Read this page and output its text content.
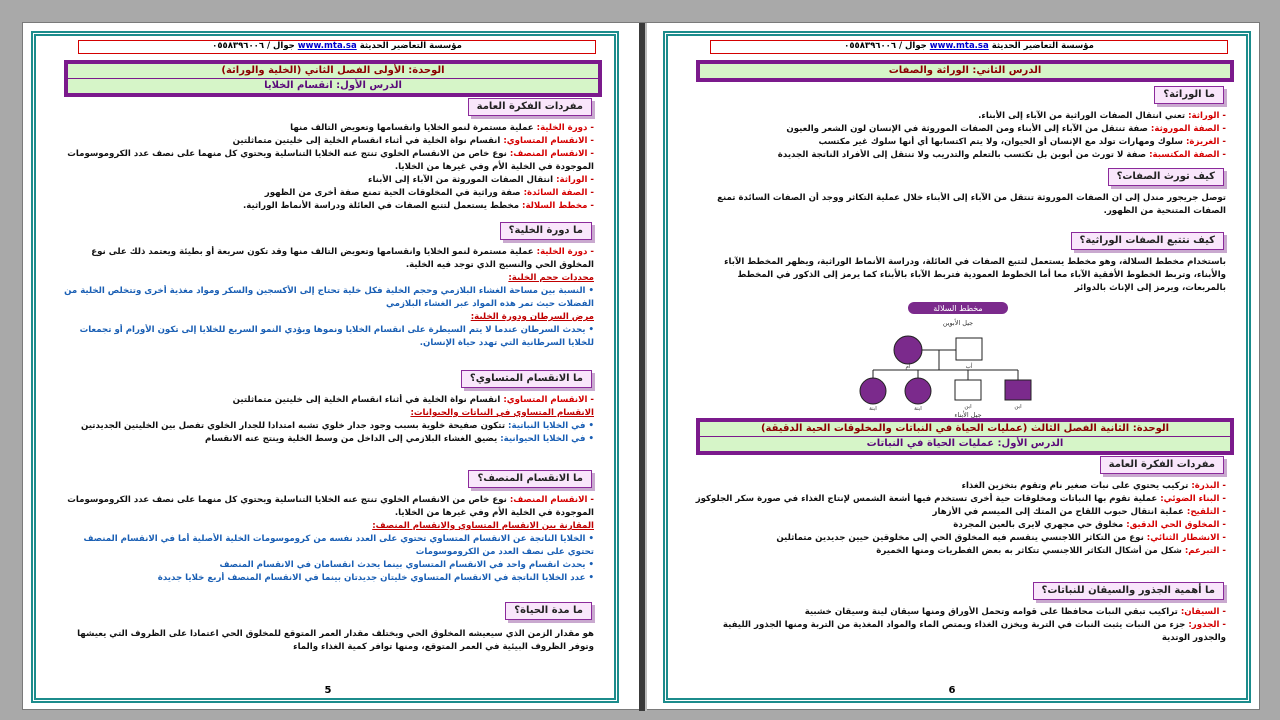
مؤسسة التعاضير الحديثة www.mta.sa جوال / ٠٥٥٨٣٩٦٠٠٦
الوحدة: الأولى الفصل الثاني (الخلية والوراثة)
الدرس الأول: انقسام الخلايا
مفردات الفكرة العامة
- دورة الخلية: عملية مستمرة لنمو الخلايا وانقسامها وتعويض التالف منها
- الانقسام المتساوي: انقسام نواة الخلية في أثناء انقسام الخلية إلى خليتين متماثلتين
- الانقسام المنصف: نوع خاص من الانقسام الخلوي تنتج عنه الخلايا التناسلية ويحتوي كل منهما على نصف عدد الكروموسومات الموجودة في الخلية الأم وفي غيرها من الخلايا.
- الوراثة: انتقال الصفات الموروثة من الآباء إلى الأبناء
- الصفة السائدة: صفة وراثية في المخلوقات الحية تمنع صفة أخرى من الظهور
- مخطط السلالة: مخطط يستعمل لتتبع الصفات في العائلة ودراسة الأنماط الوراثية.
ما دورة الخلية؟
- دورة الخلية: عملية مستمرة لنمو الخلايا وانقسامها وتعويض التالف منها وقد تكون سريعة أو بطيئة ويعتمد ذلك على نوع المخلوق الحي والنسيج الذي توجد فيه الخلية.
محددات حجم الخلية:
• النسبة بين مساحة الغشاء البلازمي وحجم الخلية فكل خلية تحتاج إلى الأكسجين والسكر ومواد مغذية أخرى وتتخلص الخلية من الفضلات حيث تمر هذه المواد عبر الغشاء البلازمي
مرض السرطان ودورة الخلية:
• يحدث السرطان عندما لا يتم السيطرة على انقسام الخلايا ونموها ويؤدي النمو السريع للخلايا إلى تكون الأورام أو تجمعات للخلايا السرطانية التي تهدد حياة الإنسان.
ما الانقسام المتساوي؟
- الانقسام المتساوي: انقسام نواة الخلية في أثناء انقسام الخلية إلى خليتين متماثلتين
الانقسام المتساوي في النباتات والحيوانات:
• في الخلايا النباتية: تتكون صفيحة خلوية بسبب وجود جدار خلوي تشبه امتدادا للجدار الخلوي تفصل بين الخليتين الجديدتين
• في الخلايا الحيوانية: يضيق الغشاء البلازمي إلى الداخل من وسط الخلية وينتج عنه الانقسام
ما الانقسام المنصف؟
- الانقسام المنصف: نوع خاص من الانقسام الخلوي تنتج عنه الخلايا التناسلية ويحتوي كل منهما على نصف عدد الكروموسومات الموجودة في الخلية الأم وفي غيرها من الخلايا.
المقارنة بين الانقسام المتساوي والانقسام المنصف:
• الخلايا الناتجة عن الانقسام المتساوي تحتوي على العدد نفسه من كروموسومات الخلية الأصلية أما في الانقسام المنصف تحتوي على نصف العدد من الكروموسومات
• يحدث انقسام واحد في الانقسام المتساوي بينما يحدث انقسامان في الانقسام المنصف
• عدد الخلايا الناتجة في الانقسام المتساوي خليتان جديدتان بينما في الانقسام المنصف أربع خلايا جديدة
ما مدة الحياة؟
هو مقدار الزمن الذي سيعيشه المخلوق الحي ويختلف مقدار العمر المتوقع للمخلوق الحي اعتمادا على الظروف التي يعيشها وتوفر الظروف البيئية في العمر المتوقع، ومنها توافر كمية الغذاء والماء
5
مؤسسة التعاضير الحديثة www.mta.sa جوال / ٠٥٥٨٣٩٦٠٠٦
الدرس الثاني: الوراثة والصفات
ما الوراثة؟
- الوراثة: تعني انتقال الصفات الوراثية من الآباء إلى الأبناء.
- الصفة الموروثة: صفة تنتقل من الآباء إلى الأبناء ومن الصفات الموروثة في الإنسان لون الشعر والعيون
- الغريزة: سلوك ومهارات تولد مع الإنسان أو الحيوان، ولا يتم اكتسابها أي أنها سلوك غير مكتسب
- الصفة المكتسبة: صفة لا تورث من أبوين بل تكتسب بالتعلم والتدريب ولا تنتقل إلى الأفراد الناتجة الجديدة
كيف تورث الصفات؟
توصل جريجور مندل إلى ان الصفات الموروثة تنتقل من الآباء إلى الأبناء خلال عملية التكاثر ووجد أن الصفات السائدة تمنع الصفات المتنحية من الظهور.
كيف نتتبع الصفات الوراثية؟
باستخدام مخطط السلالة، وهو مخطط يستعمل لتتبع الصفات في العائلة، ودراسة الأنماط الوراثية، ويظهر المخطط الآباء والأبناء، وتربط الخطوط الأفقية الآباء معا أما الخطوط العمودية فتربط الآباء بالأبناء كما يرمز إلى الذكور في المخطط بالمربعات، ويرمز إلى الإناث بالدوائر
مخطط السلالة
جيل الأبوين
أم	أب
ابنة	ابنة	ابن	ابن
جيل الأبناء
الوحدة: الثانية الفصل الثالث (عمليات الحياة في النباتات والمخلوقات الحية الدقيقة)
الدرس الأول: عمليات الحياة في النباتات
مفردات الفكرة العامة
- البذرة: تركيب يحتوي على نبات صغير نام وتقوم بتخزين الغذاء
- البناء الضوئي: عملية تقوم بها النباتات ومخلوقات حية أخرى تستخدم فيها أشعة الشمس لإنتاج الغذاء في صورة سكر الجلوكوز
- التلقيح: عملية انتقال حبوب اللقاح من المتك إلى الميسم في الأزهار
- المخلوق الحي الدقيق: مخلوق حي مجهري لايرى بالعين المجردة
- الانشطار الثنائي: نوع من التكاثر اللاجنسي ينقسم فيه المخلوق الحي إلى مخلوقين حيين جديدين متماثلين
- التبرعم: شكل من أشكال التكاثر اللاجنسي تتكاثر به بعض الفطريات ومنها الخميرة
ما أهمية الجذور والسيقان للنباتات؟
- السيقان: تراكيب تبقي النبات محافظا على قوامه وتحمل الأوراق ومنها سيقان لينة وسيقان خشبية
- الجذور: جزء من النبات يثبت النبات في التربة ويخزن الغذاء ويمتص الماء والمواد المغذية من التربة ومنها الجذور الليفية والجذور الوتدية
6
